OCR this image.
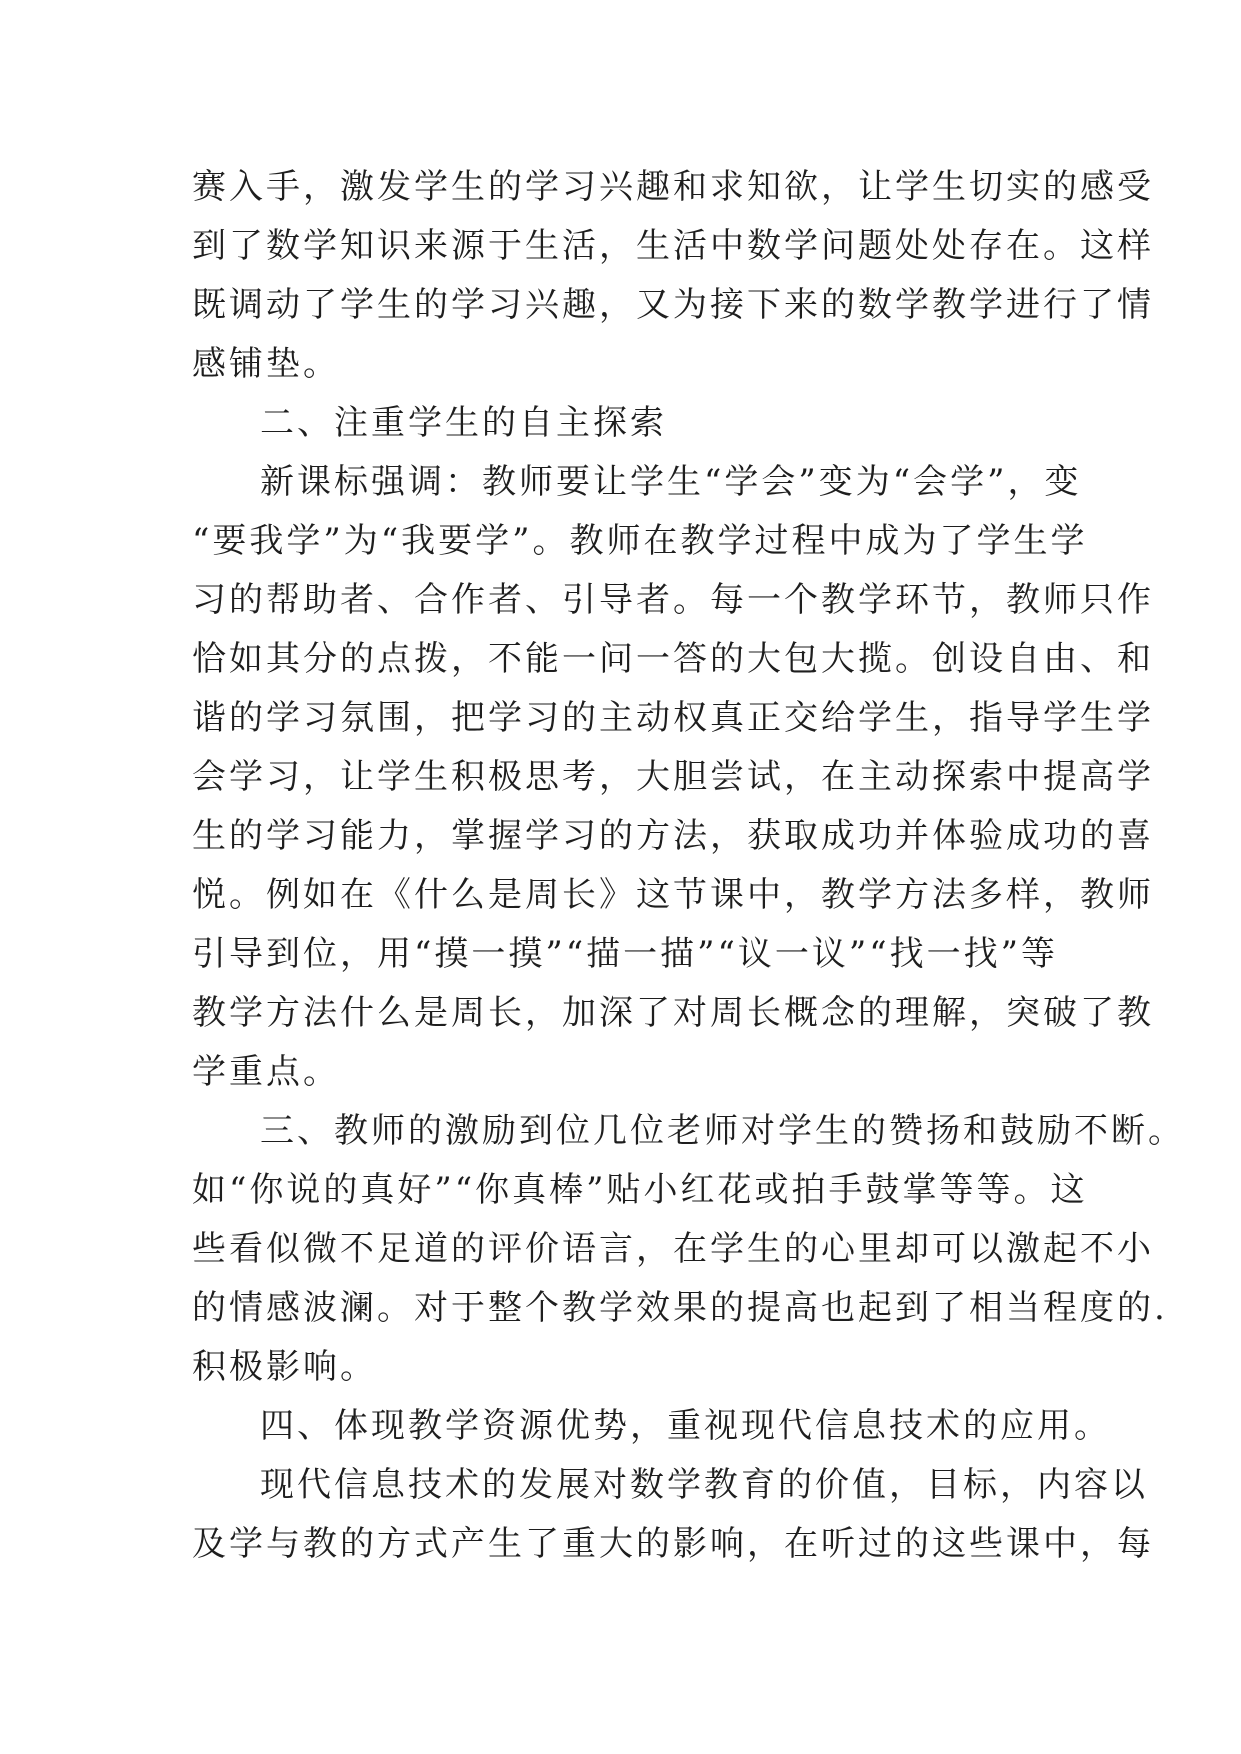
赛入手，激发学生的学习兴趣和求知欲，让学生切实的感受
到了数学知识来源于生活，生活中数学问题处处存在。这样
既调动了学生的学习兴趣，又为接下来的数学教学进行了情
感铺垫。
二、注重学生的自主探索
新课标强调：教师要让学生“学会”变为“会学”，变
“要我学”为“我要学”。教师在教学过程中成为了学生学
习的帮助者、合作者、引导者。每一个教学环节，教师只作
恰如其分的点拨，不能一问一答的大包大揽。创设自由、和
谐的学习氛围，把学习的主动权真正交给学生，指导学生学
会学习，让学生积极思考，大胆尝试，在主动探索中提高学
生的学习能力，掌握学习的方法，获取成功并体验成功的喜
悦。例如在《什么是周长》这节课中，教学方法多样，教师
引导到位，用“摸一摸”“描一描”“议一议”“找一找”等
教学方法什么是周长，加深了对周长概念的理解，突破了教
学重点。
三、教师的激励到位几位老师对学生的赞扬和鼓励不断。
如“你说的真好”“你真棒”贴小红花或拍手鼓掌等等。这
些看似微不足道的评价语言，在学生的心里却可以激起不小
的情感波澜。对于整个教学效果的提高也起到了相当程度的.
积极影响。
四、体现教学资源优势，重视现代信息技术的应用。
现代信息技术的发展对数学教育的价值，目标，内容以
及学与教的方式产生了重大的影响，在听过的这些课中，每
